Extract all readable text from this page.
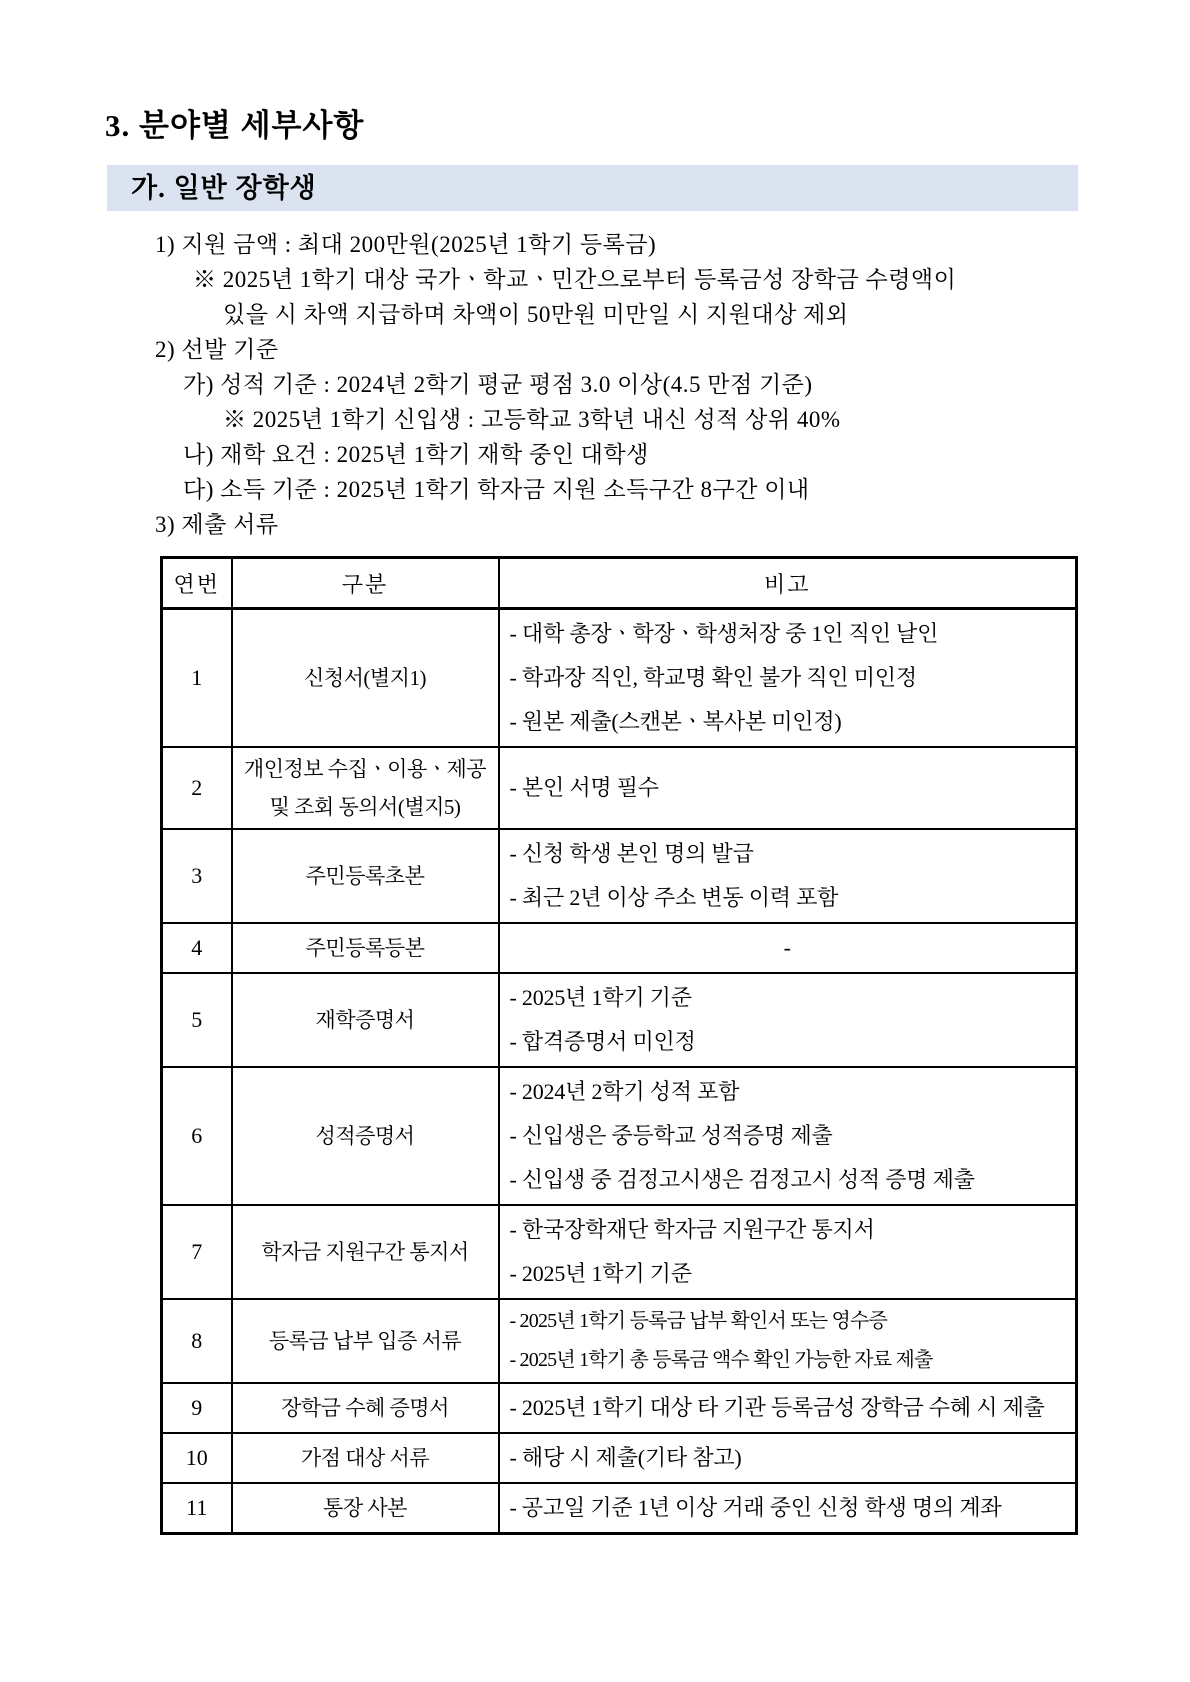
3. 분야별 세부사항
가. 일반 장학생
1) 지원 금액 : 최대 200만원(2025년 1학기 등록금)
※ 2025년 1학기 대상 국가ㆍ학교ㆍ민간으로부터 등록금성 장학금 수령액이
있을 시 차액 지급하며 차액이 50만원 미만일 시 지원대상 제외
2) 선발 기준
가) 성적 기준 : 2024년 2학기 평균 평점 3.0 이상(4.5 만점 기준)
※ 2025년 1학기 신입생 : 고등학교 3학년 내신 성적 상위 40%
나) 재학 요건 : 2025년 1학기 재학 중인 대학생
다) 소득 기준 : 2025년 1학기 학자금 지원 소득구간 8구간 이내
3) 제출 서류
연번	구분	비고
1	신청서(별지1)	- 대학 총장ㆍ학장ㆍ학생처장 중 1인 직인 날인
- 학과장 직인, 학교명 확인 불가 직인 미인정
- 원본 제출(스캔본ㆍ복사본 미인정)

2	개인정보 수집ㆍ이용ㆍ제공 및 조회 동의서(별지5)	- 본인 서명 필수

3	주민등록초본	- 신청 학생 본인 명의 발급
- 최근 2년 이상 주소 변동 이력 포함

4	주민등록등본	-

5	재학증명서	- 2025년 1학기 기준
- 합격증명서 미인정

6	성적증명서	- 2024년 2학기 성적 포함
- 신입생은 중등학교 성적증명 제출
- 신입생 중 검정고시생은 검정고시 성적 증명 제출

7	학자금 지원구간 통지서	- 한국장학재단 학자금 지원구간 통지서
- 2025년 1학기 기준

8	등록금 납부 입증 서류	- 2025년 1학기 등록금 납부 확인서 또는 영수증
- 2025년 1학기 총 등록금 액수 확인 가능한 자료 제출

9	장학금 수혜 증명서	- 2025년 1학기 대상 타 기관 등록금성 장학금 수혜 시 제출

10	가점 대상 서류	- 해당 시 제출(기타 참고)

11	통장 사본	- 공고일 기준 1년 이상 거래 중인 신청 학생 명의 계좌
